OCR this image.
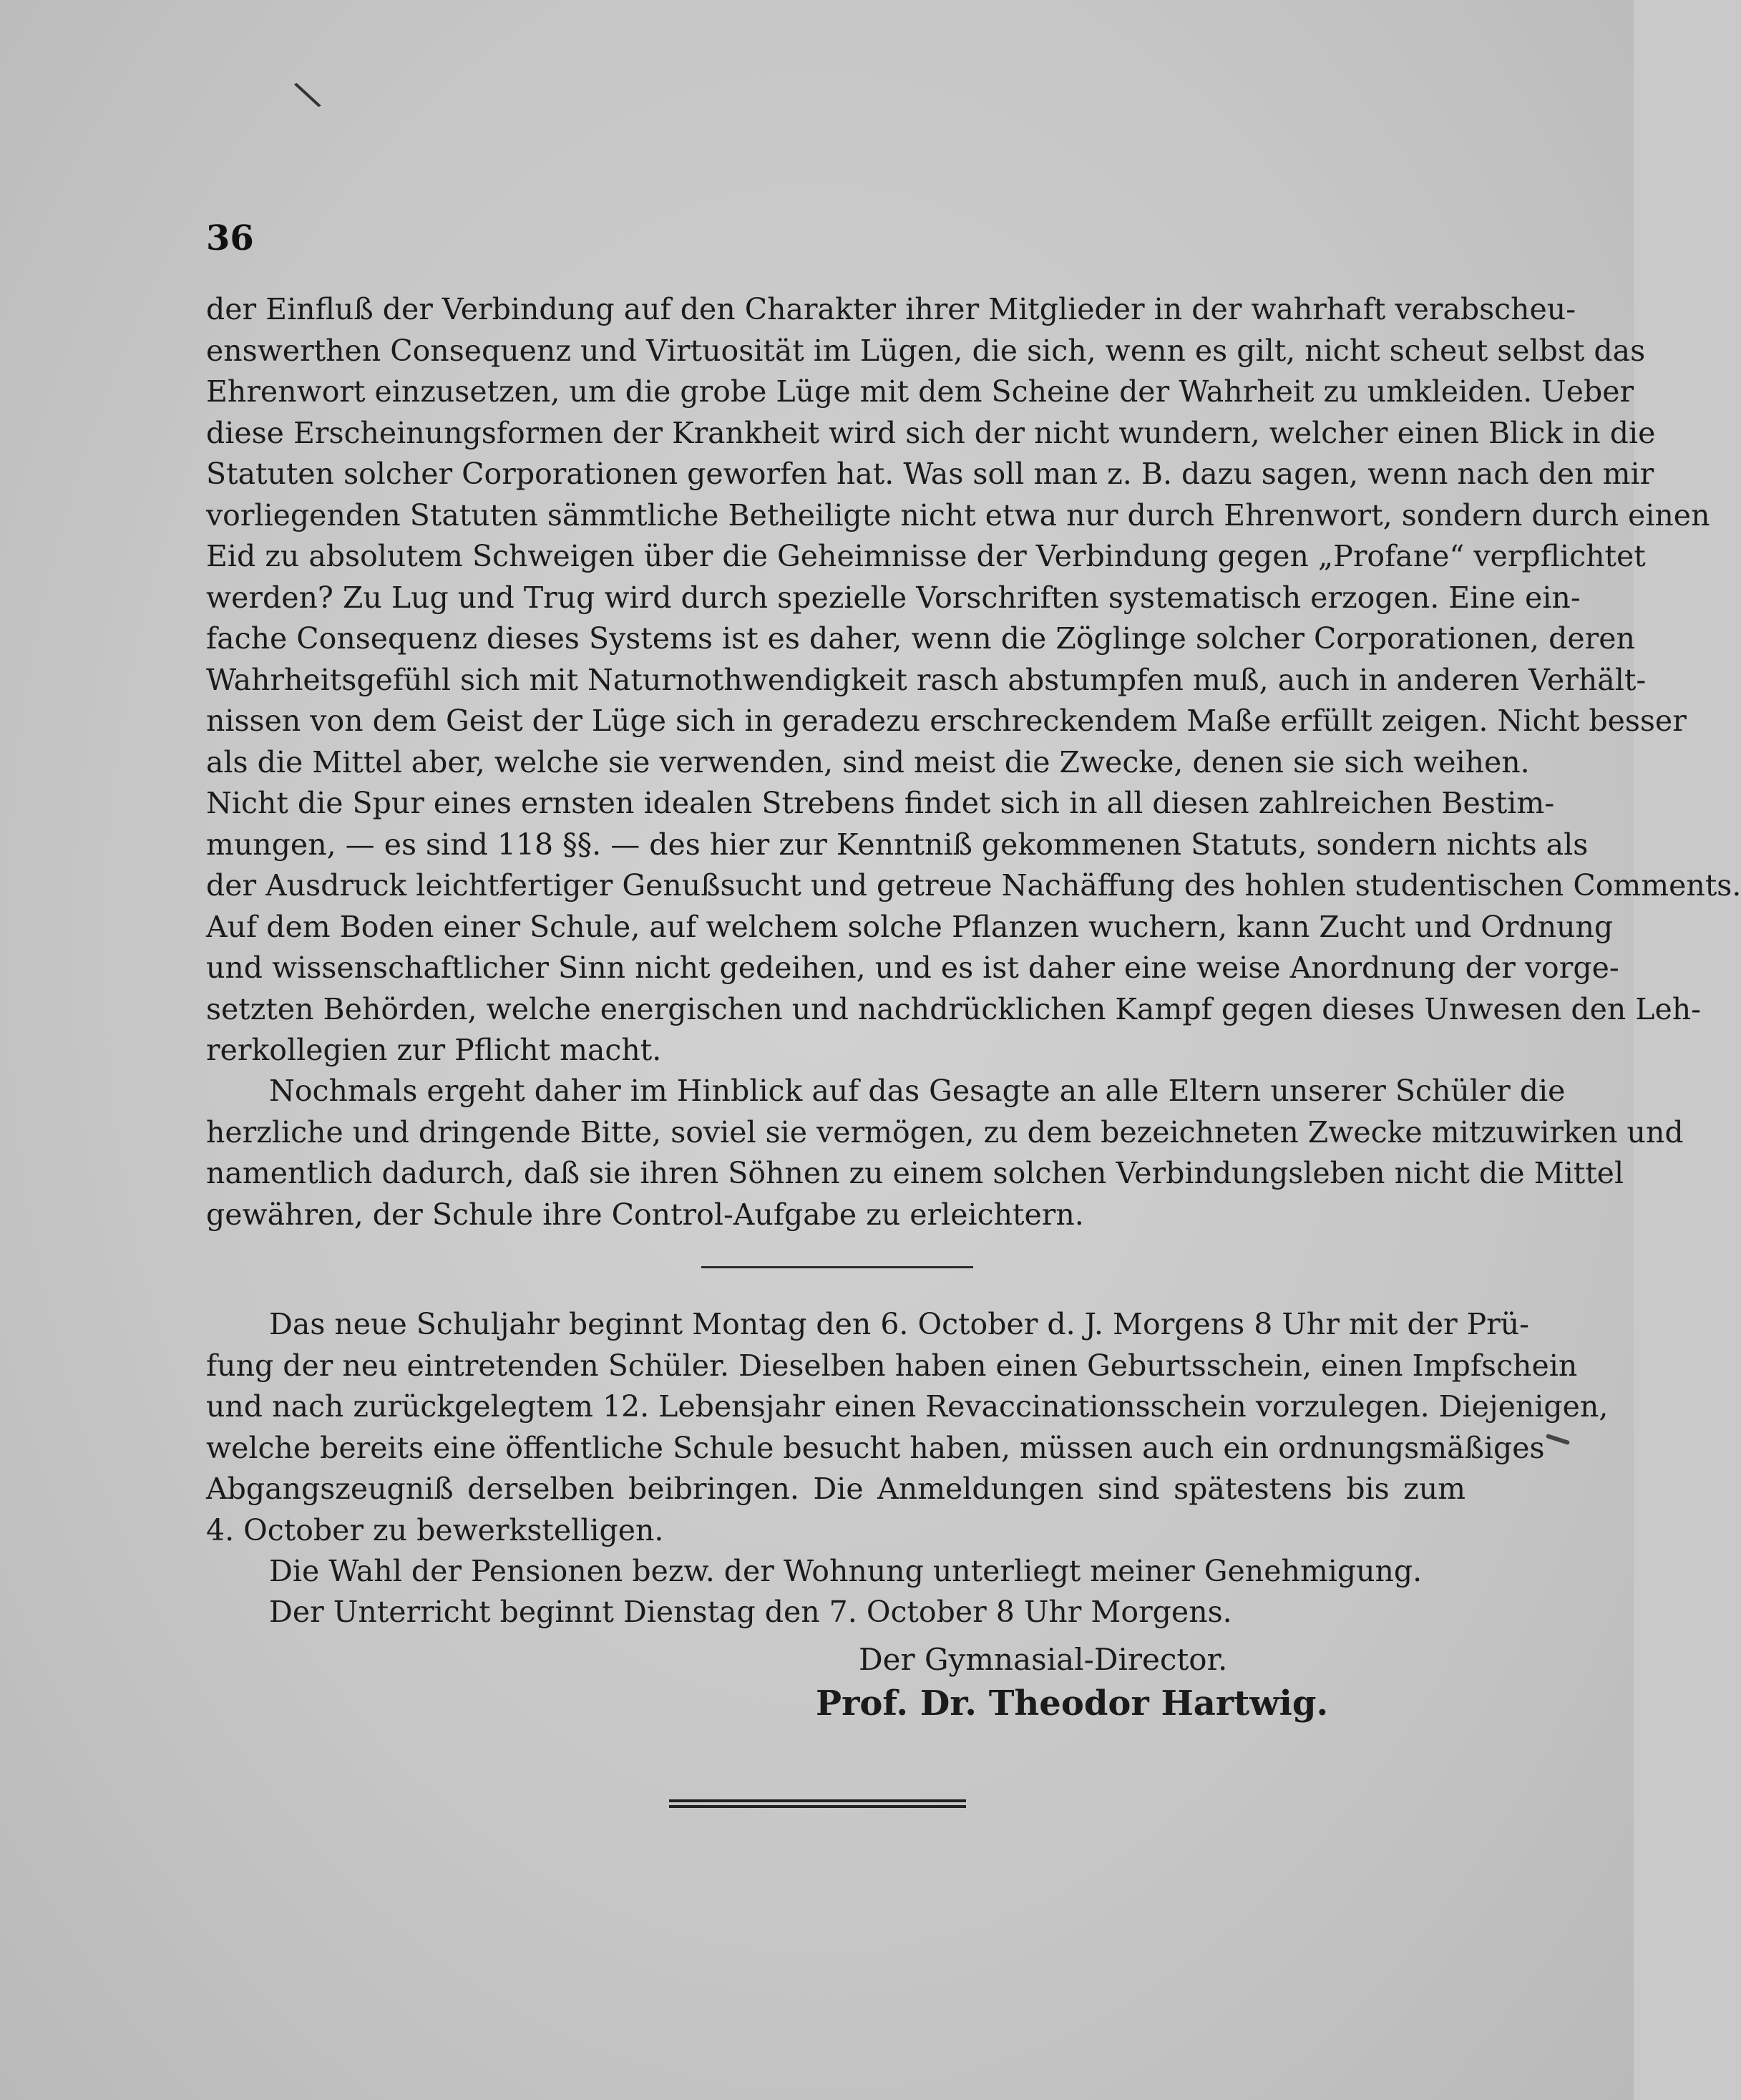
\
36
der Einfluß der Verbindung auf den Charakter ihrer Mitglieder in der wahrhaft verabscheu-
enswerthen Consequenz und Virtuosität im Lügen, die sich, wenn es gilt, nicht scheut selbst das
Ehrenwort einzusetzen, um die grobe Lüge mit dem Scheine der Wahrheit zu umkleiden. Ueber
diese Erscheinungsformen der Krankheit wird sich der nicht wundern, welcher einen Blick in die
Statuten solcher Corporationen geworfen hat. Was soll man z. B. dazu sagen, wenn nach den mir
vorliegenden Statuten sämmtliche Betheiligte nicht etwa nur durch Ehrenwort, sondern durch einen
Eid zu absolutem Schweigen über die Geheimnisse der Verbindung gegen „Profane“ verpflichtet
werden? Zu Lug und Trug wird durch spezielle Vorschriften systematisch erzogen. Eine ein-
fache Consequenz dieses Systems ist es daher, wenn die Zöglinge solcher Corporationen, deren
Wahrheitsgefühl sich mit Naturnothwendigkeit rasch abstumpfen muß, auch in anderen Verhält-
nissen von dem Geist der Lüge sich in geradezu erschreckendem Maße erfüllt zeigen. Nicht besser
als die Mittel aber, welche sie verwenden, sind meist die Zwecke, denen sie sich weihen.
Nicht die Spur eines ernsten idealen Strebens findet sich in all diesen zahlreichen Bestim-
mungen, — es sind 118 §§. — des hier zur Kenntniß gekommenen Statuts, sondern nichts als
der Ausdruck leichtfertiger Genußsucht und getreue Nachäffung des hohlen studentischen Comments.
Auf dem Boden einer Schule, auf welchem solche Pflanzen wuchern, kann Zucht und Ordnung
und wissenschaftlicher Sinn nicht gedeihen, und es ist daher eine weise Anordnung der vorge-
setzten Behörden, welche energischen und nachdrücklichen Kampf gegen dieses Unwesen den Leh-
rerkollegien zur Pflicht macht.
Nochmals ergeht daher im Hinblick auf das Gesagte an alle Eltern unserer Schüler die
herzliche und dringende Bitte, soviel sie vermögen, zu dem bezeichneten Zwecke mitzuwirken und
namentlich dadurch, daß sie ihren Söhnen zu einem solchen Verbindungsleben nicht die Mittel
gewähren, der Schule ihre Control-Aufgabe zu erleichtern.
Das neue Schuljahr beginnt Montag den 6. October d. J. Morgens 8 Uhr mit der Prü-
fung der neu eintretenden Schüler. Dieselben haben einen Geburtsschein, einen Impfschein
und nach zurückgelegtem 12. Lebensjahr einen Revaccinationsschein vorzulegen. Diejenigen,
welche bereits eine öffentliche Schule besucht haben, müssen auch ein ordnungsmäßiges
Abgangszeugniß derselben beibringen. Die Anmeldungen sind spätestens bis zum
4. October zu bewerkstelligen.
Die Wahl der Pensionen bezw. der Wohnung unterliegt meiner Genehmigung.
Der Unterricht beginnt Dienstag den 7. October 8 Uhr Morgens.
Der Gymnasial-Director.
Prof. Dr. Theodor Hartwig.
